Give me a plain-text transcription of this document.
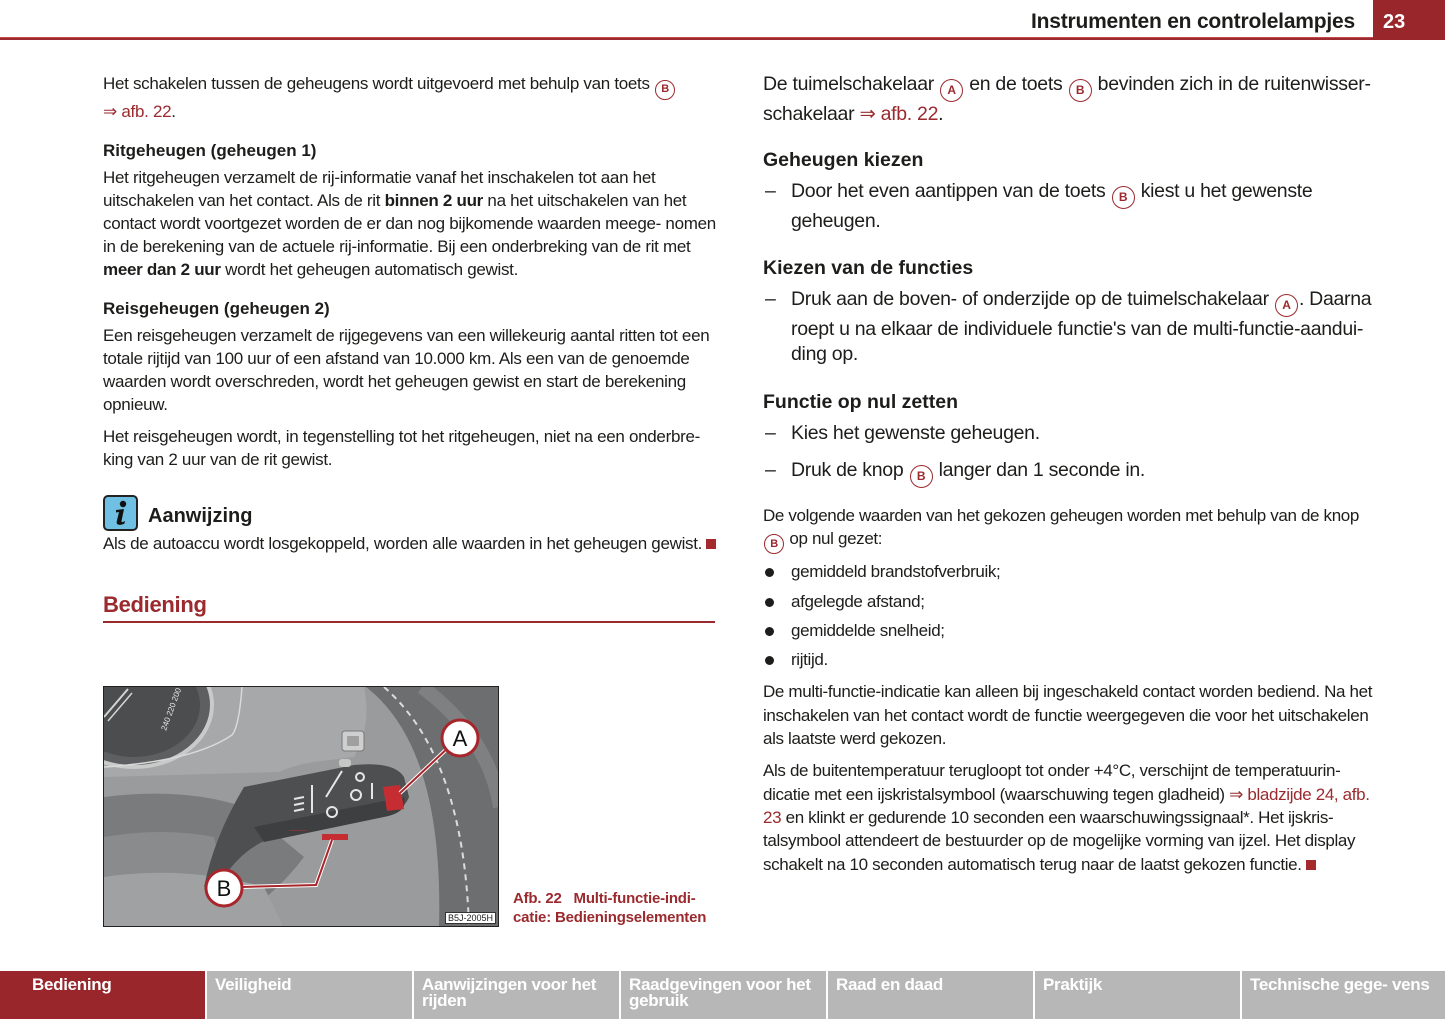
Instrumenten en controlelampjes	23

Het schakelen tussen de geheugens wordt uitgevoerd met behulp van toets B
⇒ afb. 22.

Ritgeheugen (geheugen 1)

Het ritgeheugen verzamelt de rij-informatie vanaf het inschakelen tot aan het uitschakelen van het contact. Als de rit binnen 2 uur na het uitschakelen van het contact wordt voortgezet worden de er dan nog bijkomende waarden meege- nomen in de berekening van de actuele rij-informatie. Bij een onderbreking van de rit met meer dan 2 uur wordt het geheugen automatisch gewist.

Reisgeheugen (geheugen 2)

Een reisgeheugen verzamelt de rijgegevens van een willekeurig aantal ritten tot een totale rijtijd van 100 uur of een afstand van 10.000 km. Als een van de genoemde waarden wordt overschreden, wordt het geheugen gewist en start de berekening opnieuw.

Het reisgeheugen wordt, in tegenstelling tot het ritgeheugen, niet na een onderbre- king van 2 uur van de rit gewist.

Aanwijzing

Als de autoaccu wordt losgekoppeld, worden alle waarden in het geheugen gewist.

Bediening
240 220 200
———
A
B
B5J-2005H
Afb. 22 Multi-functie-indi- catie: Bedieningselementen

De tuimelschakelaar A en de toets B bevinden zich in de ruitenwisser- schakelaar ⇒ afb. 22.

Geheugen kiezen

– Door het even aantippen van de toets B kiest u het gewenste geheugen.

Kiezen van de functies

– Druk aan de boven- of onderzijde op de tuimelschakelaar A . Daarna roept u na elkaar de individuele functie's van de multi-functie-aandui- ding op.

Functie op nul zetten

– Kies het gewenste geheugen.

– Druk de knop B langer dan 1 seconde in.

De volgende waarden van het gekozen geheugen worden met behulp van de knop
B op nul gezet:

gemiddeld brandstofverbruik;

afgelegde afstand;

gemiddelde snelheid;

rijtijd.

De multi-functie-indicatie kan alleen bij ingeschakeld contact worden bediend. Na het inschakelen van het contact wordt de functie weergegeven die voor het uitschakelen als laatste werd gekozen.

Als de buitentemperatuur terugloopt tot onder +4°C, verschijnt de temperatuurin- dicatie met een ijskristalsymbool (waarschuwing tegen gladheid) ⇒ bladzijde 24, afb. 23 en klinkt er gedurende 10 seconden een waarschuwingssignaal*. Het ijskris- talsymbool attendeert de bestuurder op de mogelijke vorming van ijzel. Het display schakelt na 10 seconden automatisch terug naar de laatst gekozen functie.

Bediening	Veiligheid	Aanwijzingen voor het rijden
Raadgevingen voor het gebruik
Raad en daad	Praktijk	Technische gege- vens
